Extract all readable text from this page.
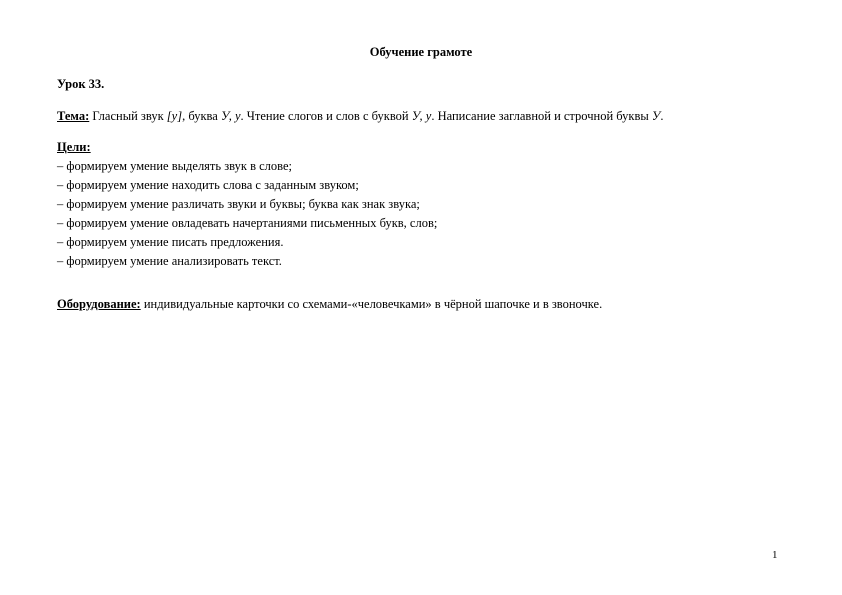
Обучение грамоте
Урок 33.
Тема: Гласный звук [у], буква У, у. Чтение слогов и слов с буквой У, у. Написание заглавной и строчной буквы У.
Цели:
– формируем умение выделять звук в слове;
– формируем умение находить слова с заданным звуком;
– формируем умение различать звуки и буквы; буква как знак звука;
– формируем умение овладевать начертаниями письменных букв, слов;
– формируем умение писать предложения.
– формируем умение анализировать текст.
Оборудование: индивидуальные карточки со схемами-«человечками» в чёрной шапочке и в звоночке.
1
